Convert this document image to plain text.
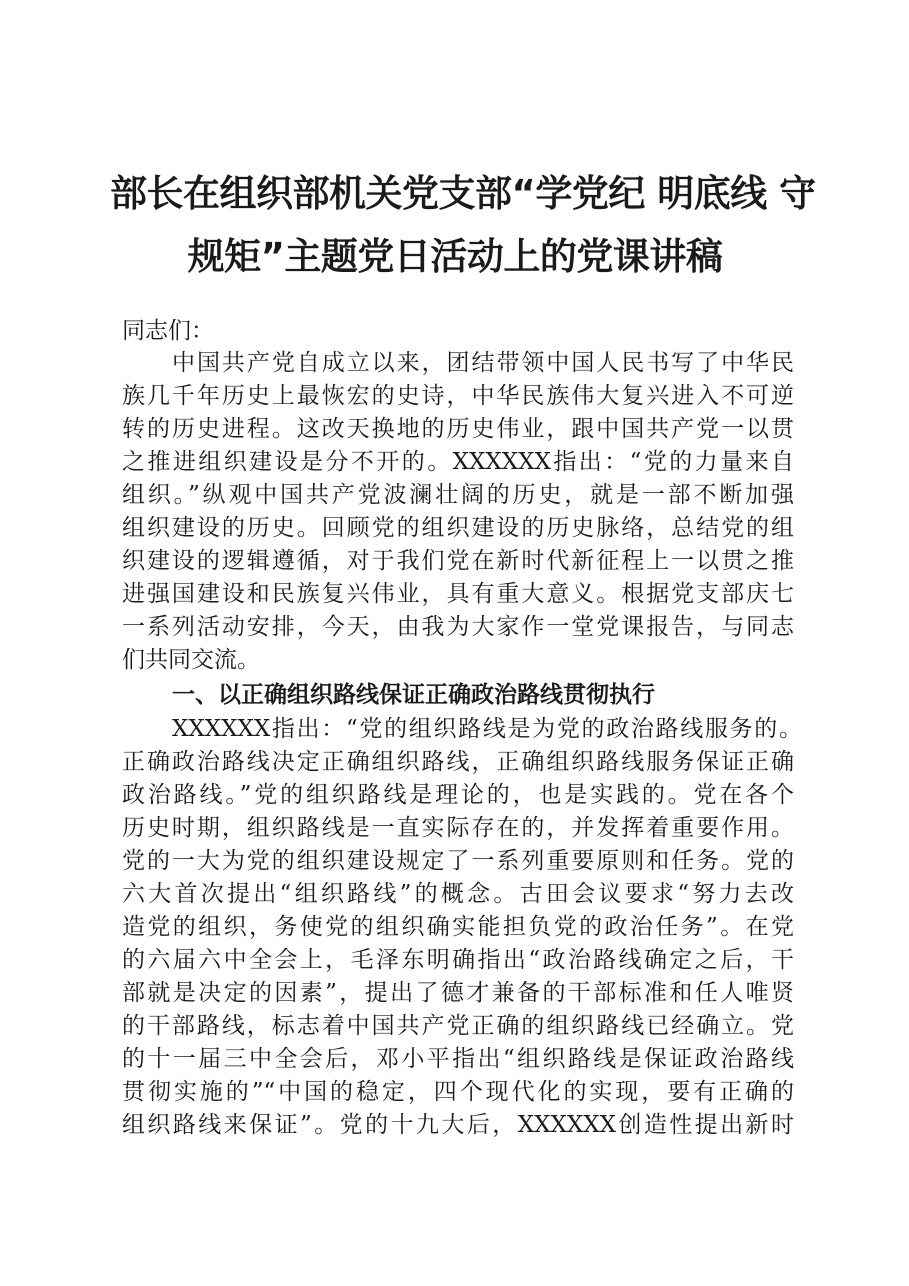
部长在组织部机关党支部“学党纪 明底线 守
规矩”主题党日活动上的党课讲稿

同志们：

中国共产党自成立以来，团结带领中国人民书写了中华民

族几千年历史上最恢宏的史诗，中华民族伟大复兴进入不可逆

转的历史进程。这改天换地的历史伟业，跟中国共产党一以贯

之推进组织建设是分不开的。XXXXXX指出：“党的力量来自

组织。”纵观中国共产党波澜壮阔的历史，就是一部不断加强

组织建设的历史。回顾党的组织建设的历史脉络，总结党的组

织建设的逻辑遵循，对于我们党在新时代新征程上一以贯之推

进强国建设和民族复兴伟业，具有重大意义。根据党支部庆七

一系列活动安排，今天，由我为大家作一堂党课报告，与同志

们共同交流。

一、以正确组织路线保证正确政治路线贯彻执行

XXXXXX指出：“党的组织路线是为党的政治路线服务的。

正确政治路线决定正确组织路线，正确组织路线服务保证正确

政治路线。”党的组织路线是理论的，也是实践的。党在各个

历史时期，组织路线是一直实际存在的，并发挥着重要作用。

党的一大为党的组织建设规定了一系列重要原则和任务。党的

六大首次提出“组织路线”的概念。古田会议要求“努力去改

造党的组织，务使党的组织确实能担负党的政治任务”。在党

的六届六中全会上，毛泽东明确指出“政治路线确定之后，干

部就是决定的因素”，提出了德才兼备的干部标准和任人唯贤

的干部路线，标志着中国共产党正确的组织路线已经确立。党

的十一届三中全会后，邓小平指出“组织路线是保证政治路线

贯彻实施的”“中国的稳定，四个现代化的实现，要有正确的

组织路线来保证”。党的十九大后，XXXXXX创造性提出新时
